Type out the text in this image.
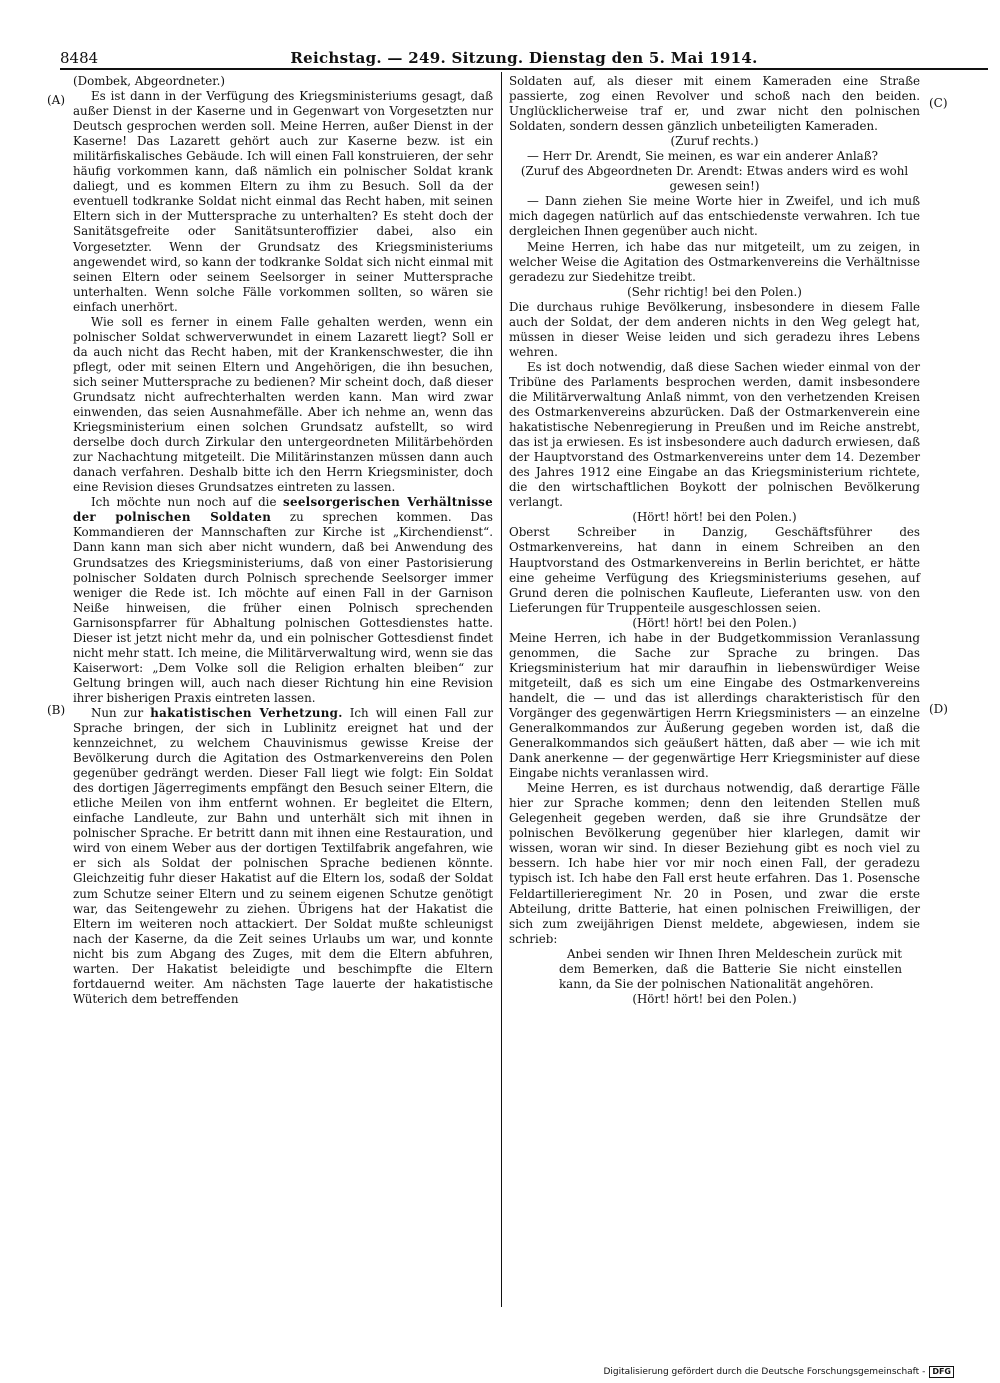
8484	Reichstag. — 249. Sitzung. Dienstag den 5. Mai 1914.
(A)
(B)
(C)
(D)

(Dombek, Abgeordneter.)

Es ist dann in der Verfügung des Kriegsministeriums gesagt, daß außer Dienst in der Kaserne und in Gegenwart von Vorgesetzten nur Deutsch gesprochen werden soll. Meine Herren, außer Dienst in der Kaserne! Das Lazarett gehört auch zur Kaserne bezw. ist ein militärfiskalisches Gebäude. Ich will einen Fall konstruieren, der sehr häufig vorkommen kann, daß nämlich ein polnischer Soldat krank daliegt, und es kommen Eltern zu ihm zu Besuch. Soll da der eventuell todkranke Soldat nicht einmal das Recht haben, mit seinen Eltern sich in der Muttersprache zu unterhalten? Es steht doch der Sanitätsgefreite oder Sanitätsunteroffizier dabei, also ein Vorgesetzter. Wenn der Grundsatz des Kriegsministeriums angewendet wird, so kann der todkranke Soldat sich nicht einmal mit seinen Eltern oder seinem Seelsorger in seiner Muttersprache unterhalten. Wenn solche Fälle vorkommen sollten, so wären sie einfach unerhört.

Wie soll es ferner in einem Falle gehalten werden, wenn ein polnischer Soldat schwerverwundet in einem Lazarett liegt? Soll er da auch nicht das Recht haben, mit der Krankenschwester, die ihn pflegt, oder mit seinen Eltern und Angehörigen, die ihn besuchen, sich seiner Muttersprache zu bedienen? Mir scheint doch, daß dieser Grundsatz nicht aufrechterhalten werden kann. Man wird zwar einwenden, das seien Ausnahmefälle. Aber ich nehme an, wenn das Kriegsministerium einen solchen Grundsatz aufstellt, so wird derselbe doch durch Zirkular den untergeordneten Militärbehörden zur Nachachtung mitgeteilt. Die Militärinstanzen müssen dann auch danach verfahren. Deshalb bitte ich den Herrn Kriegsminister, doch eine Revision dieses Grundsatzes eintreten zu lassen.

Ich möchte nun noch auf die seelsorgerischen Verhältnisse der polnischen Soldaten zu sprechen kommen. Das Kommandieren der Mannschaften zur Kirche ist „Kirchendienst“. Dann kann man sich aber nicht wundern, daß bei Anwendung des Grundsatzes des Kriegsministeriums, daß von einer Pastorisierung polnischer Soldaten durch Polnisch sprechende Seelsorger immer weniger die Rede ist. Ich möchte auf einen Fall in der Garnison Neiße hinweisen, die früher einen Polnisch sprechenden Garnisonspfarrer für Abhaltung polnischen Gottesdienstes hatte. Dieser ist jetzt nicht mehr da, und ein polnischer Gottesdienst findet nicht mehr statt. Ich meine, die Militärverwaltung wird, wenn sie das Kaiserwort: „Dem Volke soll die Religion erhalten bleiben“ zur Geltung bringen will, auch nach dieser Richtung hin eine Revision ihrer bisherigen Praxis eintreten lassen.

Nun zur hakatistischen Verhetzung. Ich will einen Fall zur Sprache bringen, der sich in Lublinitz ereignet hat und der kennzeichnet, zu welchem Chauvinismus gewisse Kreise der Bevölkerung durch die Agitation des Ostmarkenvereins den Polen gegenüber gedrängt werden. Dieser Fall liegt wie folgt: Ein Soldat des dortigen Jägerregiments empfängt den Besuch seiner Eltern, die etliche Meilen von ihm entfernt wohnen. Er begleitet die Eltern, einfache Landleute, zur Bahn und unterhält sich mit ihnen in polnischer Sprache. Er betritt dann mit ihnen eine Restauration, und wird von einem Weber aus der dortigen Textilfabrik angefahren, wie er sich als Soldat der polnischen Sprache bedienen könnte. Gleichzeitig fuhr dieser Hakatist auf die Eltern los, sodaß der Soldat zum Schutze seiner Eltern und zu seinem eigenen Schutze genötigt war, das Seitengewehr zu ziehen. Übrigens hat der Hakatist die Eltern im weiteren noch attackiert. Der Soldat mußte schleunigst nach der Kaserne, da die Zeit seines Urlaubs um war, und konnte nicht bis zum Abgang des Zuges, mit dem die Eltern abfuhren, warten. Der Hakatist beleidigte und beschimpfte die Eltern fortdauernd weiter. Am nächsten Tage lauerte der hakatistische Wüterich dem betreffenden

Soldaten auf, als dieser mit einem Kameraden eine Straße passierte, zog einen Revolver und schoß nach den beiden. Unglücklicherweise traf er, und zwar nicht den polnischen Soldaten, sondern dessen gänzlich unbeteiligten Kameraden.

(Zuruf rechts.)

— Herr Dr. Arendt, Sie meinen, es war ein anderer Anlaß?

(Zuruf des Abgeordneten Dr. Arendt: Etwas anders wird es wohl gewesen sein!)

— Dann ziehen Sie meine Worte hier in Zweifel, und ich muß mich dagegen natürlich auf das entschiedenste verwahren. Ich tue dergleichen Ihnen gegenüber auch nicht.

Meine Herren, ich habe das nur mitgeteilt, um zu zeigen, in welcher Weise die Agitation des Ostmarkenvereins die Verhältnisse geradezu zur Siedehitze treibt.

(Sehr richtig! bei den Polen.)

Die durchaus ruhige Bevölkerung, insbesondere in diesem Falle auch der Soldat, der dem anderen nichts in den Weg gelegt hat, müssen in dieser Weise leiden und sich geradezu ihres Lebens wehren.

Es ist doch notwendig, daß diese Sachen wieder einmal von der Tribüne des Parlaments besprochen werden, damit insbesondere die Militärverwaltung Anlaß nimmt, von den verhetzenden Kreisen des Ostmarkenvereins abzurücken. Daß der Ostmarkenverein eine hakatistische Nebenregierung in Preußen und im Reiche anstrebt, das ist ja erwiesen. Es ist insbesondere auch dadurch erwiesen, daß der Hauptvorstand des Ostmarkenvereins unter dem 14. Dezember des Jahres 1912 eine Eingabe an das Kriegsministerium richtete, die den wirtschaftlichen Boykott der polnischen Bevölkerung verlangt.

(Hört! hört! bei den Polen.)

Oberst Schreiber in Danzig, Geschäftsführer des Ostmarkenvereins, hat dann in einem Schreiben an den Hauptvorstand des Ostmarkenvereins in Berlin berichtet, er hätte eine geheime Verfügung des Kriegsministeriums gesehen, auf Grund deren die polnischen Kaufleute, Lieferanten usw. von den Lieferungen für Truppenteile ausgeschlossen seien.

(Hört! hört! bei den Polen.)

Meine Herren, ich habe in der Budgetkommission Veranlassung genommen, die Sache zur Sprache zu bringen. Das Kriegsministerium hat mir daraufhin in liebenswürdiger Weise mitgeteilt, daß es sich um eine Eingabe des Ostmarkenvereins handelt, die — und das ist allerdings charakteristisch für den Vorgänger des gegenwärtigen Herrn Kriegsministers — an einzelne Generalkommandos zur Äußerung gegeben worden ist, daß die Generalkommandos sich geäußert hätten, daß aber — wie ich mit Dank anerkenne — der gegenwärtige Herr Kriegsminister auf diese Eingabe nichts veranlassen wird.

Meine Herren, es ist durchaus notwendig, daß derartige Fälle hier zur Sprache kommen; denn den leitenden Stellen muß Gelegenheit gegeben werden, daß sie ihre Grundsätze der polnischen Bevölkerung gegenüber hier klarlegen, damit wir wissen, woran wir sind. In dieser Beziehung gibt es noch viel zu bessern. Ich habe hier vor mir noch einen Fall, der geradezu typisch ist. Ich habe den Fall erst heute erfahren. Das 1. Posensche Feldartillerieregiment Nr. 20 in Posen, und zwar die erste Abteilung, dritte Batterie, hat einen polnischen Freiwilligen, der sich zum zweijährigen Dienst meldete, abgewiesen, indem sie schrieb:

Anbei senden wir Ihnen Ihren Meldeschein zurück mit dem Bemerken, daß die Batterie Sie nicht einstellen kann, da Sie der polnischen Nationalität angehören.

(Hört! hört! bei den Polen.)

Digitalisierung gefördert durch die Deutsche Forschungsgemeinschaft - DFG
